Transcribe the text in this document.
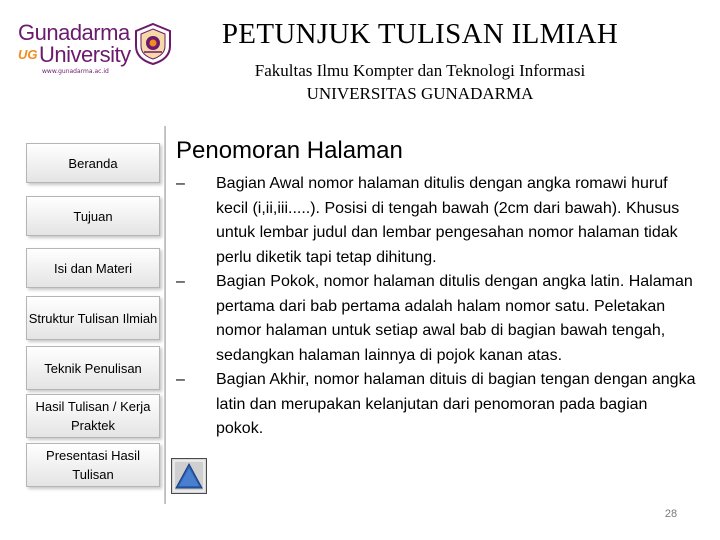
Gunadarma
UG University
www.gunadarma.ac.id
PETUNJUK TULISAN ILMIAH
Fakultas Ilmu Kompter dan Teknologi Informasi
UNIVERSITAS GUNADARMA
Beranda
Tujuan
Isi dan Materi
Struktur Tulisan Ilmiah
Teknik Penulisan
Hasil Tulisan / Kerja Praktek
Presentasi Hasil Tulisan
Penomoran Halaman
–	Bagian Awal nomor halaman ditulis dengan angka romawi huruf kecil (i,ii,iii.....). Posisi di tengah bawah (2cm dari bawah). Khusus untuk lembar judul dan lembar pengesahan nomor halaman tidak perlu diketik tapi tetap dihitung.
–	Bagian Pokok, nomor halaman ditulis dengan angka latin. Halaman pertama dari bab pertama adalah halam nomor satu. Peletakan nomor halaman untuk setiap awal bab di bagian bawah tengah, sedangkan halaman lainnya di pojok kanan atas.
–	Bagian Akhir, nomor halaman dituis di bagian tengan dengan angka latin dan merupakan kelanjutan dari penomoran pada bagian pokok.
28
